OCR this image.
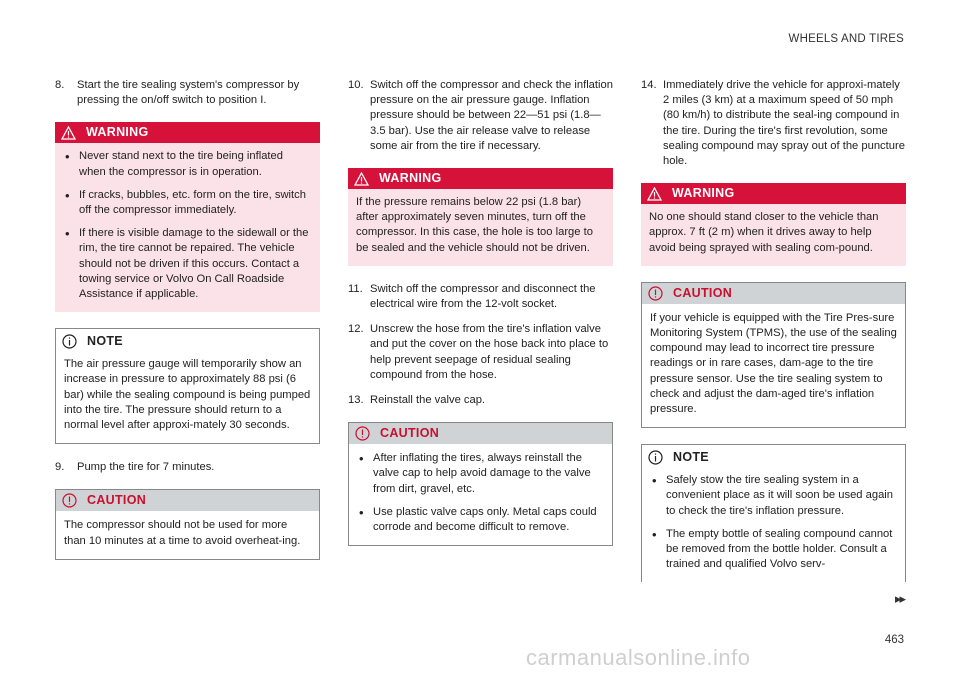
WHEELS AND TIRES
8.	Start the tire sealing system's compressor by pressing the on/off switch to position I.
WARNING
• Never stand next to the tire being inflated when the compressor is in operation.
• If cracks, bubbles, etc. form on the tire, switch off the compressor immediately.
• If there is visible damage to the sidewall or the rim, the tire cannot be repaired. The vehicle should not be driven if this occurs. Contact a towing service or Volvo On Call Roadside Assistance if applicable.
NOTE
The air pressure gauge will temporarily show an increase in pressure to approximately 88 psi (6 bar) while the sealing compound is being pumped into the tire. The pressure should return to a normal level after approxi-mately 30 seconds.
9.	Pump the tire for 7 minutes.
CAUTION
The compressor should not be used for more than 10 minutes at a time to avoid overheat-ing.
10. Switch off the compressor and check the inflation pressure on the air pressure gauge. Inflation pressure should be between 22—51 psi (1.8—3.5 bar). Use the air release valve to release some air from the tire if necessary.
WARNING
If the pressure remains below 22 psi (1.8 bar) after approximately seven minutes, turn off the compressor. In this case, the hole is too large to be sealed and the vehicle should not be driven.
11. Switch off the compressor and disconnect the electrical wire from the 12-volt socket.
12. Unscrew the hose from the tire's inflation valve and put the cover on the hose back into place to help prevent seepage of residual sealing compound from the hose.
13. Reinstall the valve cap.
CAUTION
• After inflating the tires, always reinstall the valve cap to help avoid damage to the valve from dirt, gravel, etc.
• Use plastic valve caps only. Metal caps could corrode and become difficult to remove.
14. Immediately drive the vehicle for approxi-mately 2 miles (3 km) at a maximum speed of 50 mph (80 km/h) to distribute the seal-ing compound in the tire. During the tire's first revolution, some sealing compound may spray out of the puncture hole.
WARNING
No one should stand closer to the vehicle than approx. 7 ft (2 m) when it drives away to help avoid being sprayed with sealing com-pound.
CAUTION
If your vehicle is equipped with the Tire Pres-sure Monitoring System (TPMS), the use of the sealing compound may lead to incorrect tire pressure readings or in rare cases, dam-age to the tire pressure sensor. Use the tire sealing system to check and adjust the dam-aged tire's inflation pressure.
NOTE
• Safely stow the tire sealing system in a convenient place as it will soon be used again to check the tire's inflation pressure.
• The empty bottle of sealing compound cannot be removed from the bottle holder. Consult a trained and qualified Volvo serv-
▸▸
463
carmanualsonline.info
